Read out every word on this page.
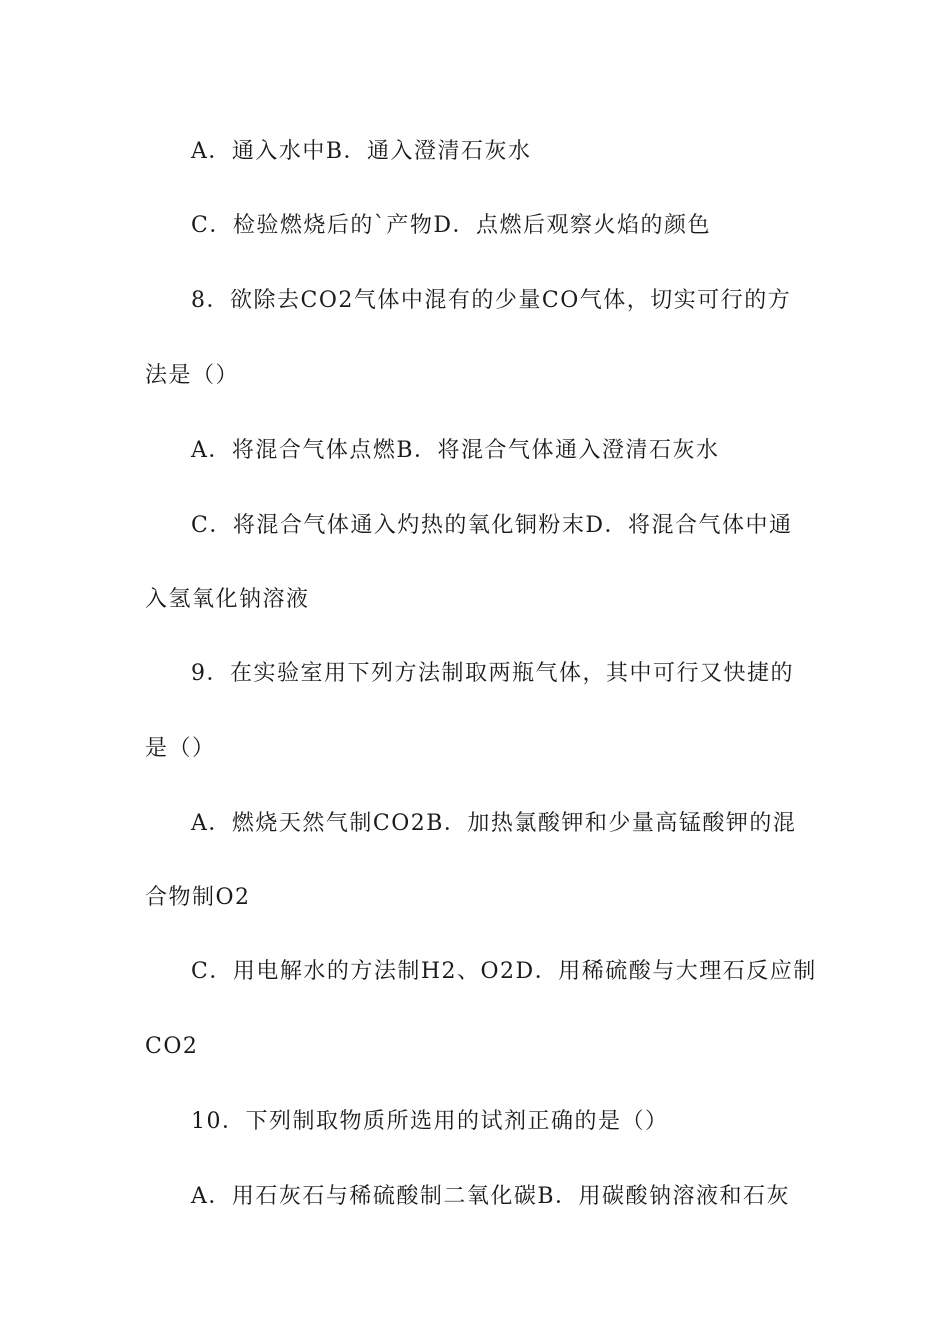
A．通入水中B．通入澄清石灰水
C．检验燃烧后的`产物D．点燃后观察火焰的颜色
8．欲除去CO2气体中混有的少量CO气体，切实可行的方
法是（）
A．将混合气体点燃B．将混合气体通入澄清石灰水
C．将混合气体通入灼热的氧化铜粉末D．将混合气体中通
入氢氧化钠溶液
9．在实验室用下列方法制取两瓶气体，其中可行又快捷的
是（）
A．燃烧天然气制CO2B．加热氯酸钾和少量高锰酸钾的混
合物制O2
C．用电解水的方法制H2、O2D．用稀硫酸与大理石反应制
CO2
10．下列制取物质所选用的试剂正确的是（）
A．用石灰石与稀硫酸制二氧化碳B．用碳酸钠溶液和石灰
